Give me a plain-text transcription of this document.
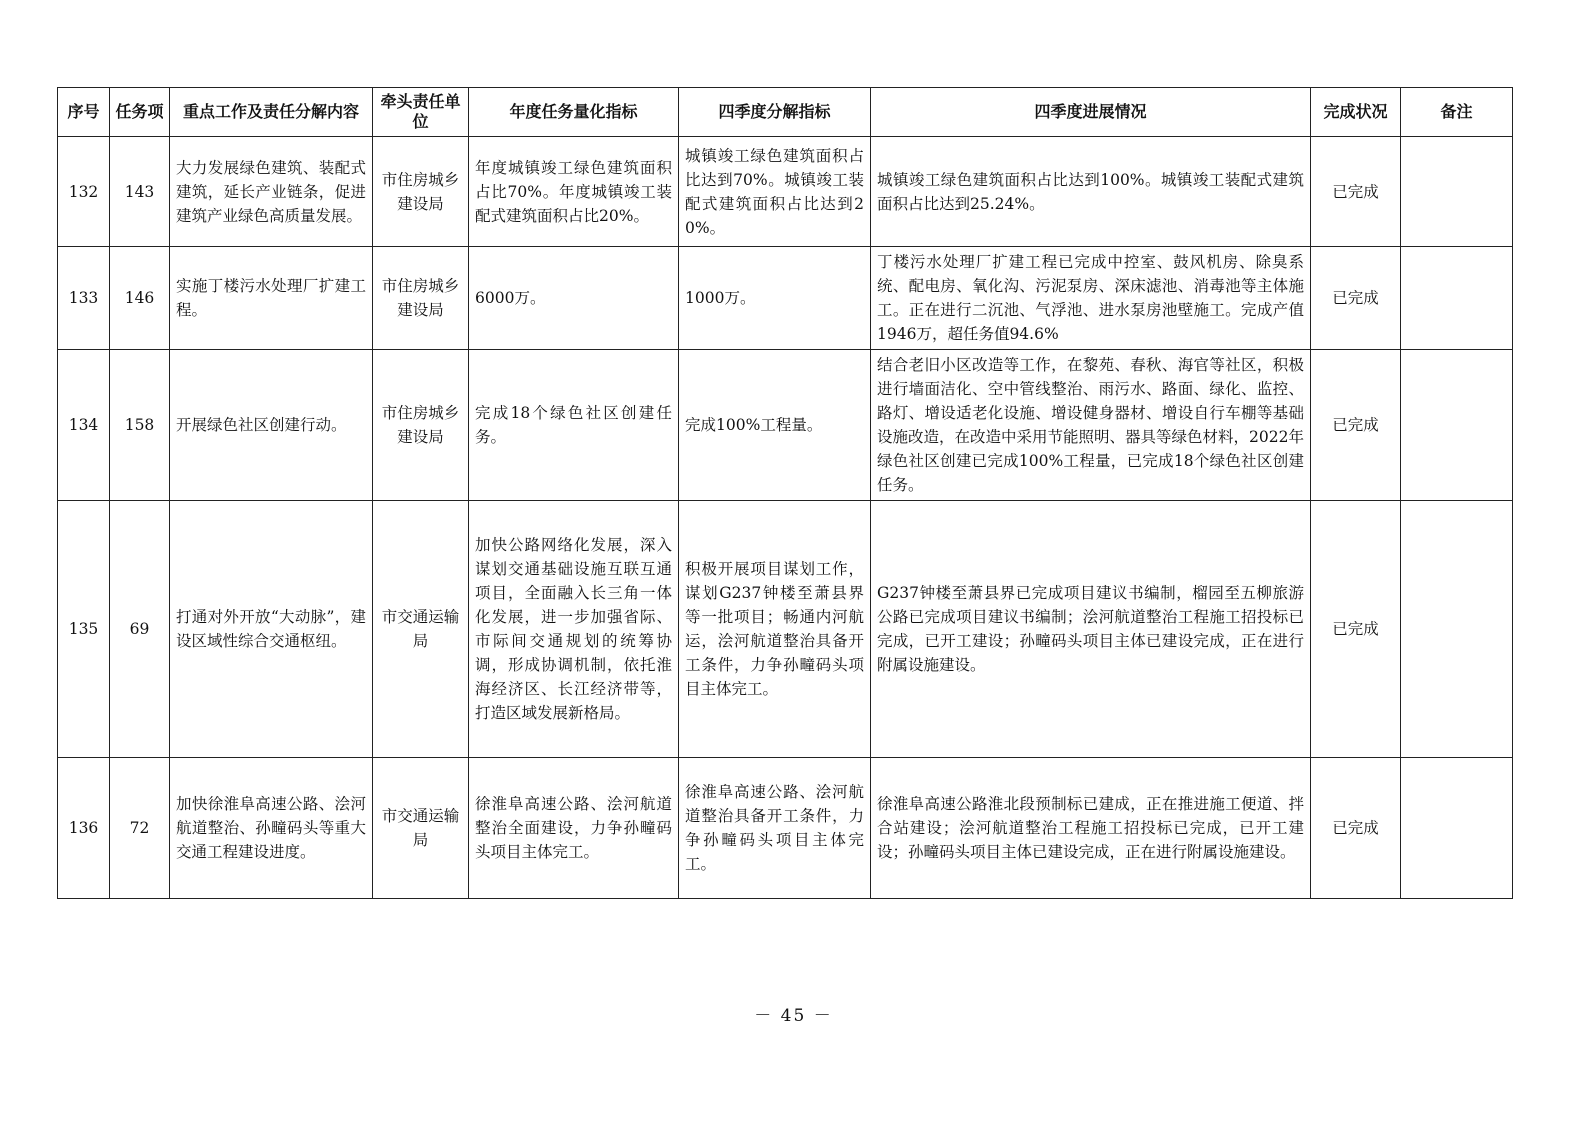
序号	任务项	重点工作及责任分解内容	牵头责任单位	年度任务量化指标	四季度分解指标	四季度进展情况	完成状况	备注
132	143	大力发展绿色建筑、装配式建筑，延长产业链条，促进建筑产业绿色高质量发展。	市住房城乡建设局	年度城镇竣工绿色建筑面积占比70%。年度城镇竣工装配式建筑面积占比20%。	城镇竣工绿色建筑面积占比达到70%。城镇竣工装配式建筑面积占比达到20%。	城镇竣工绿色建筑面积占比达到100%。城镇竣工装配式建筑面积占比达到25.24%。	已完成	
133	146	实施丁楼污水处理厂扩建工程。	市住房城乡建设局	6000万。	1000万。	丁楼污水处理厂扩建工程已完成中控室、鼓风机房、除臭系统、配电房、氧化沟、污泥泵房、深床滤池、消毒池等主体施工。正在进行二沉池、气浮池、进水泵房池壁施工。完成产值1946万，超任务值94.6%	已完成	
134	158	开展绿色社区创建行动。	市住房城乡建设局	完成18个绿色社区创建任务。	完成100%工程量。	结合老旧小区改造等工作，在黎苑、春秋、海官等社区，积极进行墙面洁化、空中管线整治、雨污水、路面、绿化、监控、路灯、增设适老化设施、增设健身器材、增设自行车棚等基础设施改造，在改造中采用节能照明、器具等绿色材料，2022年绿色社区创建已完成100%工程量，已完成18个绿色社区创建任务。	已完成	
135	69	打通对外开放“大动脉”，建设区域性综合交通枢纽。	市交通运输局	加快公路网络化发展，深入谋划交通基础设施互联互通项目，全面融入长三角一体化发展，进一步加强省际、市际间交通规划的统筹协调，形成协调机制，依托淮海经济区、长江经济带等，打造区域发展新格局。	积极开展项目谋划工作，谋划G237钟楼至萧县界等一批项目；畅通内河航运，浍河航道整治具备开工条件，力争孙疃码头项目主体完工。	G237钟楼至萧县界已完成项目建议书编制，榴园至五柳旅游公路已完成项目建议书编制；浍河航道整治工程施工招投标已完成，已开工建设；孙疃码头项目主体已建设完成，正在进行附属设施建设。	已完成	
136	72	加快徐淮阜高速公路、浍河航道整治、孙疃码头等重大交通工程建设进度。	市交通运输局	徐淮阜高速公路、浍河航道整治全面建设，力争孙疃码头项目主体完工。	徐淮阜高速公路、浍河航道整治具备开工条件，力争孙疃码头项目主体完工。	徐淮阜高速公路淮北段预制标已建成，正在推进施工便道、拌合站建设；浍河航道整治工程施工招投标已完成，已开工建设；孙疃码头项目主体已建设完成，正在进行附属设施建设。	已完成	
－ 45 －
